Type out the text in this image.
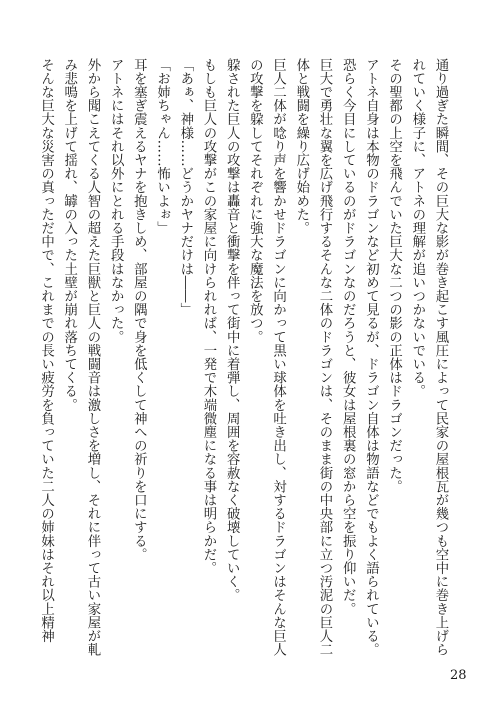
通り過ぎた瞬間、その巨大な影が巻き起こす風圧によって民家の屋根瓦が幾つも空中に巻き上げられていく様子に、アトネの理解が追いつかないでいる。

その聖都の上空を飛んでいた巨大な二つの影の正体はドラゴンだった。

アトネ自身は本物のドラゴンなど初めて見るが、ドラゴン自体は物語などでもよく語られている。恐らく今目にしているのがドラゴンなのだろうと、彼女は屋根裏の窓から空を振り仰いだ。

巨大で勇壮な翼を広げ飛行するそんな二体のドラゴンは、そのまま街の中央部に立つ汚泥の巨人二体と戦闘を繰り広げ始めた。

巨人二体が唸り声を響かせドラゴンに向かって黒い球体を吐き出し、対するドラゴンはそんな巨人の攻撃を躱してそれぞれに強大な魔法を放つ。

躱された巨人の攻撃は轟音と衝撃を伴って街中に着弾し、周囲を容赦なく破壊していく。

もしも巨人の攻撃がこの家屋に向けられれば、一発で木端微塵になる事は明らかだ。

「あぁ、神様……どうかヤナだけは――」

「お姉ちゃん……怖いよぉ」

耳を塞ぎ震えるヤナを抱きしめ、部屋の隅で身を低くして神への祈りを口にする。

アトネにはそれ以外にとれる手段はなかった。

外から聞こえてくる人智の超えた巨獣と巨人の戦闘音は激しさを増し、それに伴って古い家屋が軋み悲鳴を上げて揺れ、罅の入った土壁が崩れ落ちてくる。

そんな巨大な災害の真っただ中で、これまでの長い疲労を負っていた二人の姉妹はそれ以上精神

28
